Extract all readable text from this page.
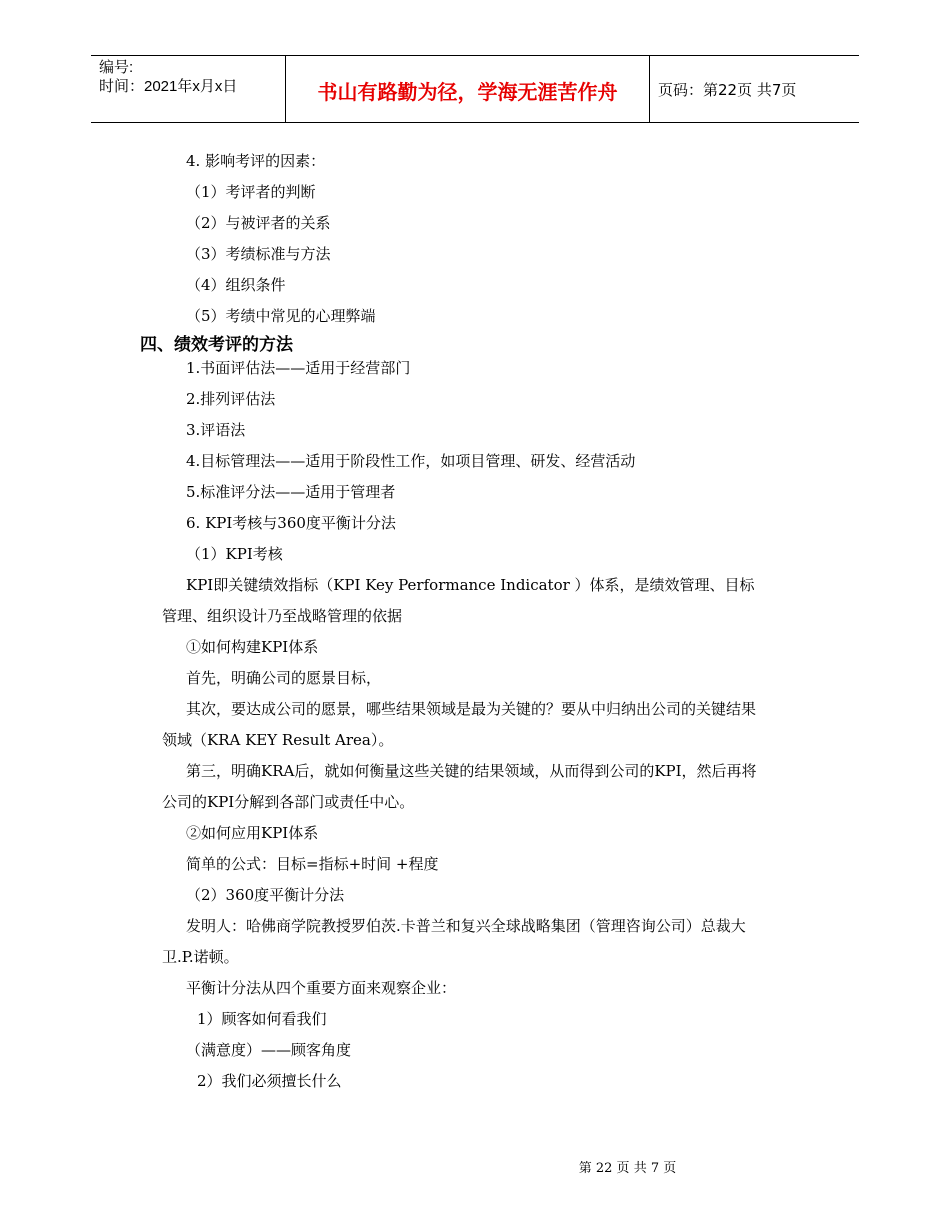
编号:
时间：2021年x月x日	书山有路勤为径，学海无涯苦作舟	页码：第22页 共7页
4. 影响考评的因素：
（1）考评者的判断
（2）与被评者的关系
（3）考绩标准与方法
（4）组织条件
（5）考绩中常见的心理弊端
四、绩效考评的方法
1.书面评估法——适用于经营部门
2.排列评估法
3.评语法
4.目标管理法——适用于阶段性工作，如项目管理、研发、经营活动
5.标准评分法——适用于管理者
6. KPI考核与360度平衡计分法
（1）KPI考核
KPI即关键绩效指标（KPI Key Performance Indicator ）体系，是绩效管理、目标
管理、组织设计乃至战略管理的依据
①如何构建KPI体系
首先，明确公司的愿景目标，
其次，要达成公司的愿景，哪些结果领域是最为关键的？要从中归纳出公司的关键结果
领域（KRA KEY Result Area）。
第三，明确KRA后，就如何衡量这些关键的结果领域，从而得到公司的KPI，然后再将
公司的KPI分解到各部门或责任中心。
②如何应用KPI体系
简单的公式：目标=指标+时间 +程度
（2）360度平衡计分法
发明人：哈佛商学院教授罗伯茨.卡普兰和复兴全球战略集团（管理咨询公司）总裁大
卫.P.诺顿。
平衡计分法从四个重要方面来观察企业：
1）顾客如何看我们
（满意度）——顾客角度
2）我们必须擅长什么
第 22 页 共 7 页
